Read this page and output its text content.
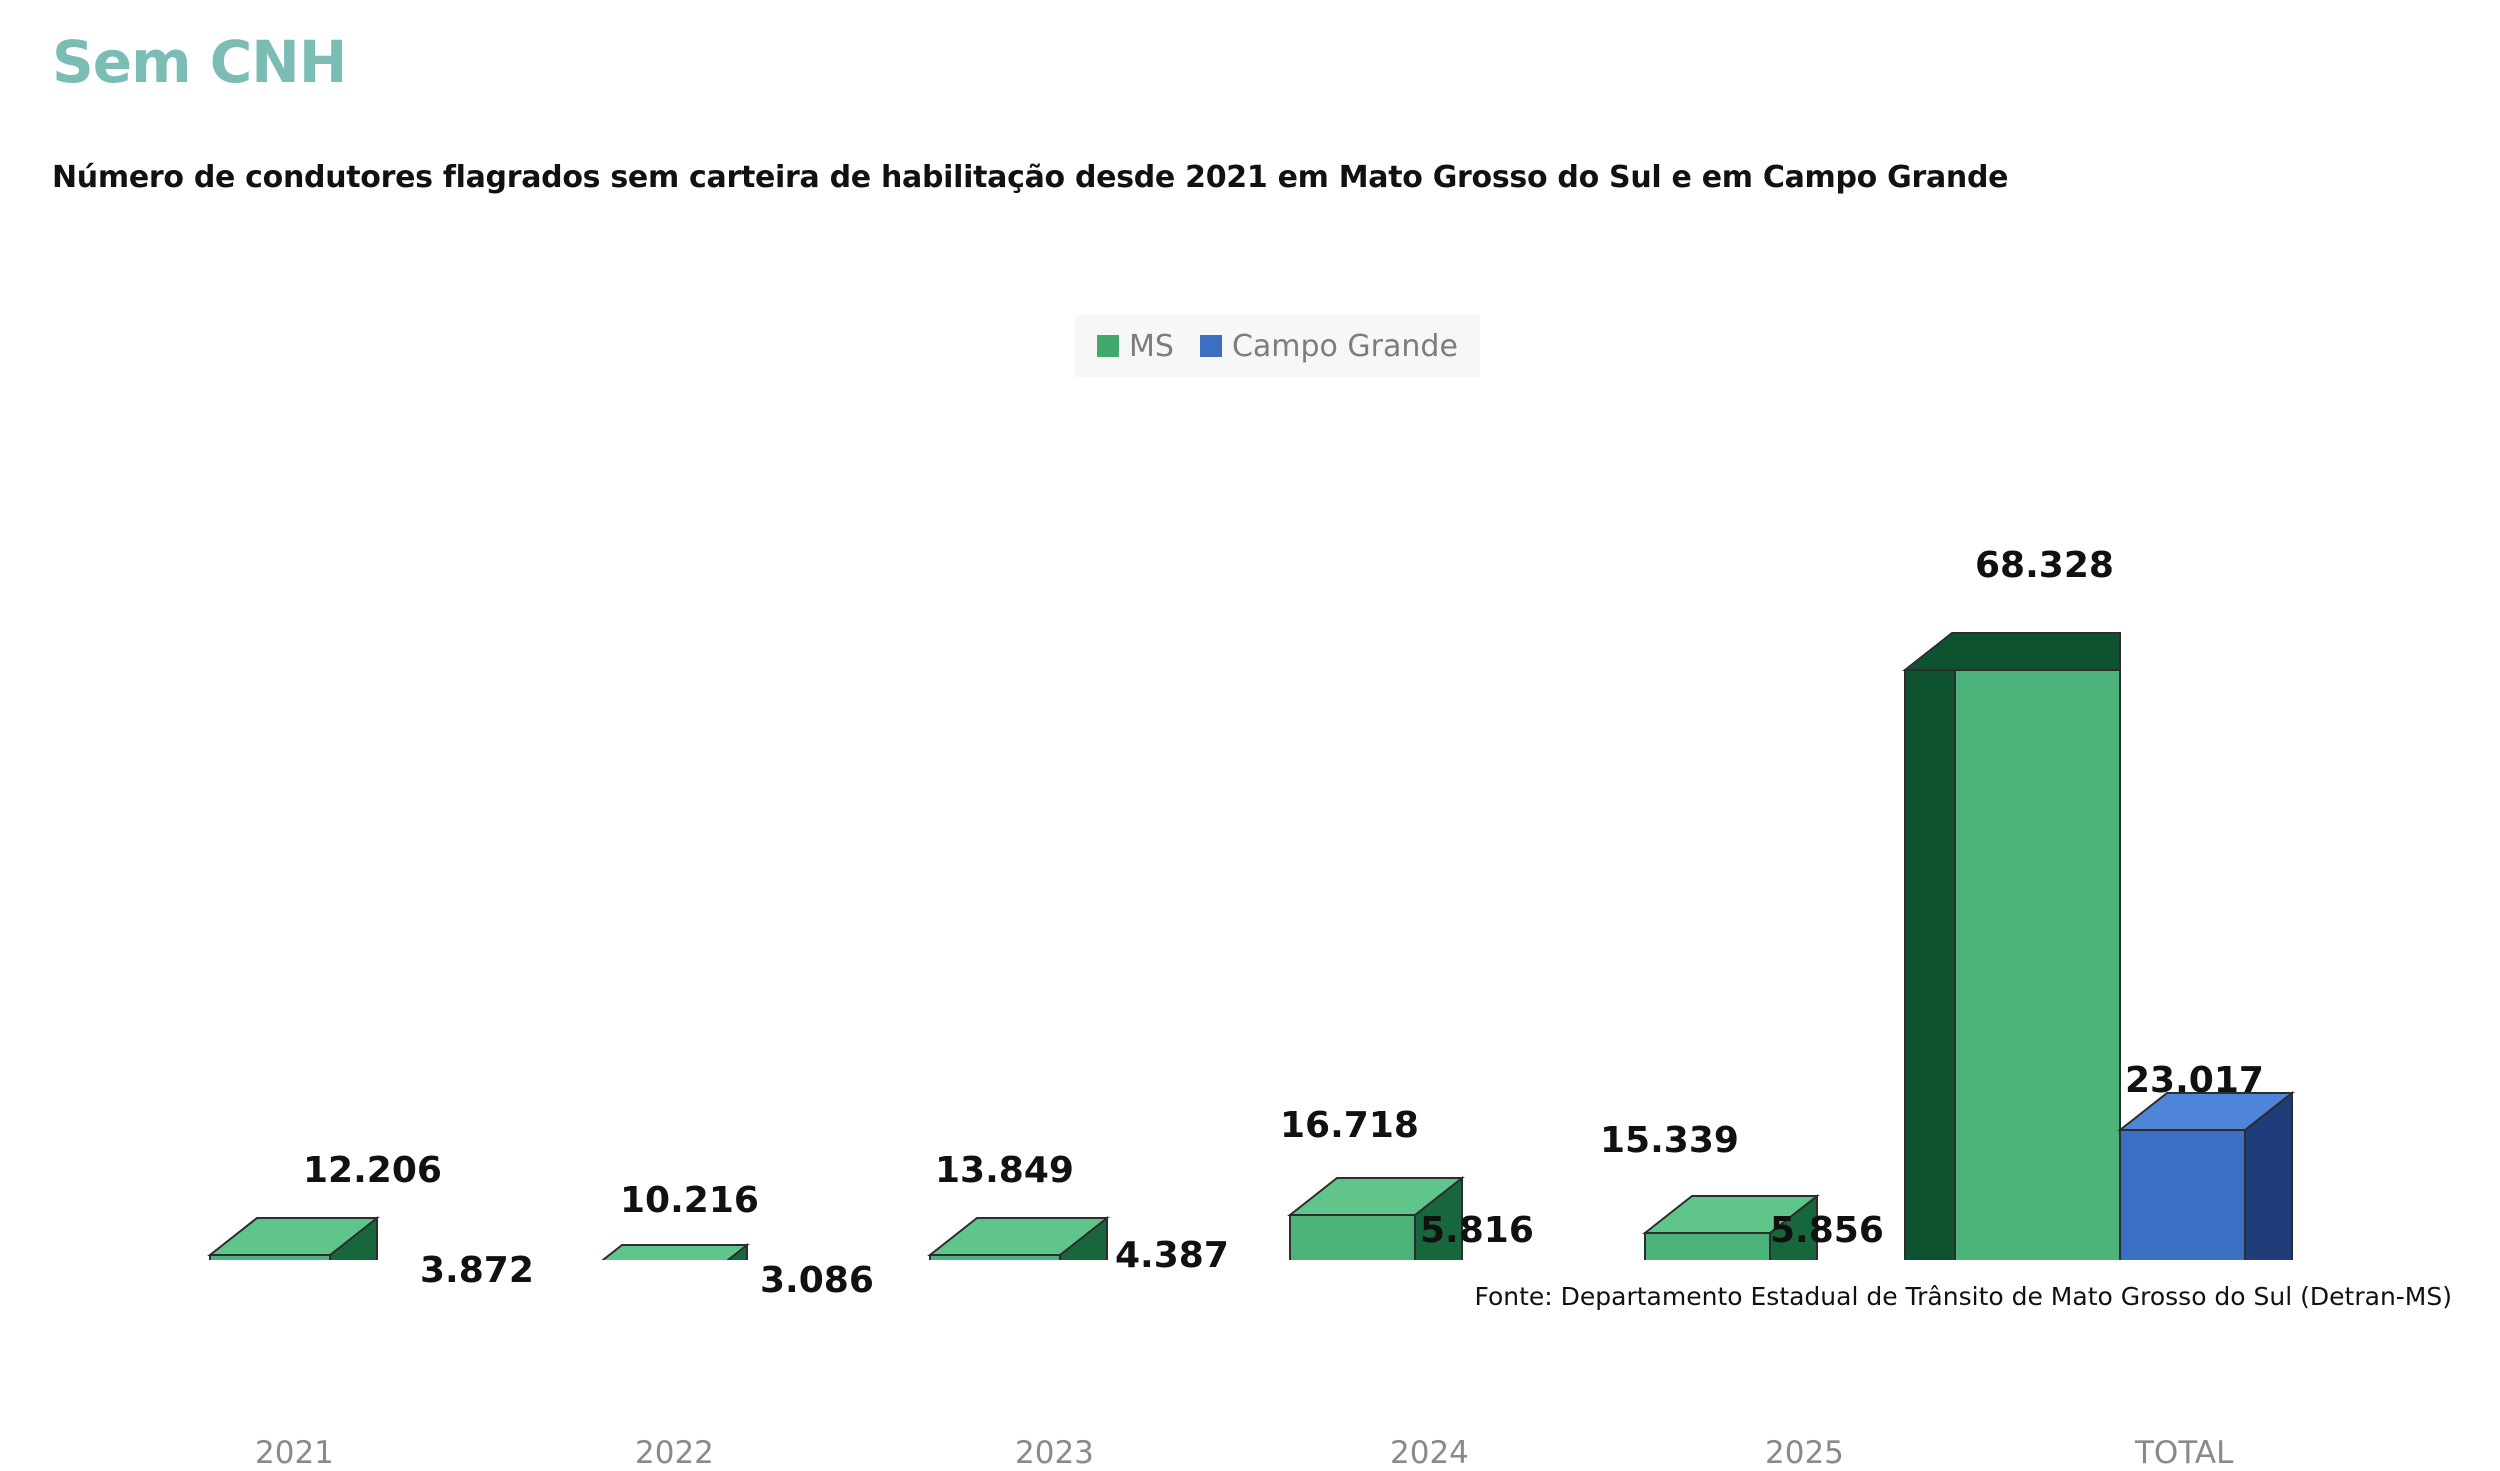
Sem CNH
Número de condutores flagrados sem carteira de habilitação desde 2021 em Mato Grosso do Sul e em Campo Grande
MS Campo Grande
12.206
3.872
10.216
3.086
13.849
4.387
16.718
5.816
15.339
5.856
68.328
23.017
2021	2022	2023	2024	2025	TOTAL
Fonte: Departamento Estadual de Trânsito de Mato Grosso do Sul (Detran-MS)
